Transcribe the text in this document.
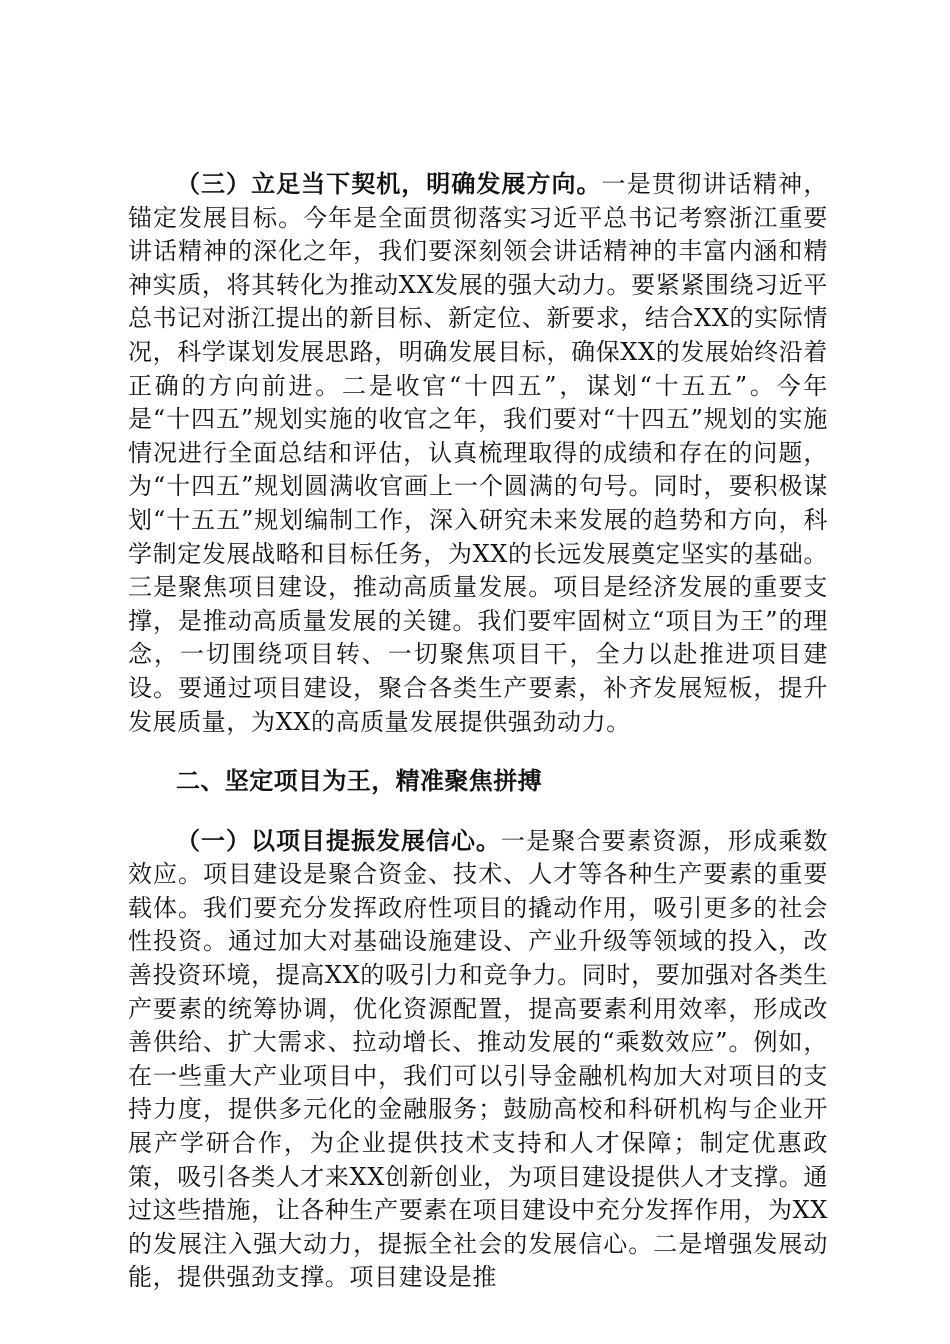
（三）立足当下契机，明确发展方向。一是贯彻讲话精神，锚定发展目标。今年是全面贯彻落实习近平总书记考察浙江重要讲话精神的深化之年，我们要深刻领会讲话精神的丰富内涵和精神实质，将其转化为推动XX发展的强大动力。要紧紧围绕习近平总书记对浙江提出的新目标、新定位、新要求，结合XX的实际情况，科学谋划发展思路，明确发展目标，确保XX的发展始终沿着正确的方向前进。二是收官“十四五”，谋划“十五五”。今年是“十四五”规划实施的收官之年，我们要对“十四五”规划的实施情况进行全面总结和评估，认真梳理取得的成绩和存在的问题，为“十四五”规划圆满收官画上一个圆满的句号。同时，要积极谋划“十五五”规划编制工作，深入研究未来发展的趋势和方向，科学制定发展战略和目标任务，为XX的长远发展奠定坚实的基础。三是聚焦项目建设，推动高质量发展。项目是经济发展的重要支撑，是推动高质量发展的关键。我们要牢固树立“项目为王”的理念，一切围绕项目转、一切聚焦项目干，全力以赴推进项目建设。要通过项目建设，聚合各类生产要素，补齐发展短板，提升发展质量，为XX的高质量发展提供强劲动力。

二、坚定项目为王，精准聚焦拼搏

（一）以项目提振发展信心。一是聚合要素资源，形成乘数效应。项目建设是聚合资金、技术、人才等各种生产要素的重要载体。我们要充分发挥政府性项目的撬动作用，吸引更多的社会性投资。通过加大对基础设施建设、产业升级等领域的投入，改善投资环境，提高XX的吸引力和竞争力。同时，要加强对各类生产要素的统筹协调，优化资源配置，提高要素利用效率，形成改善供给、扩大需求、拉动增长、推动发展的“乘数效应”。例如，在一些重大产业项目中，我们可以引导金融机构加大对项目的支持力度，提供多元化的金融服务；鼓励高校和科研机构与企业开展产学研合作，为企业提供技术支持和人才保障；制定优惠政策，吸引各类人才来XX创新创业，为项目建设提供人才支撑。通过这些措施，让各种生产要素在项目建设中充分发挥作用，为XX的发展注入强大动力，提振全社会的发展信心。二是增强发展动能，提供强劲支撑。项目建设是推
